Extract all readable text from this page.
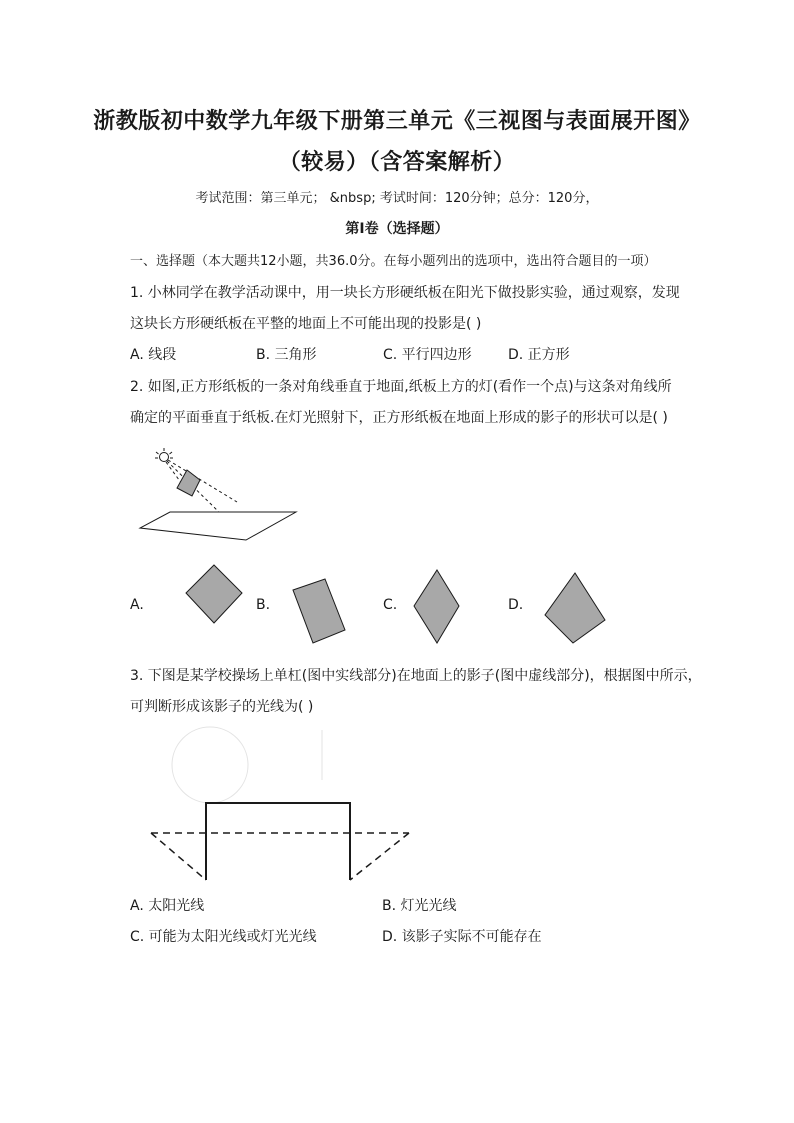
浙教版初中数学九年级下册第三单元《三视图与表面展开图》
（较易）（含答案解析）
考试范围：第三单元； &nbsp; 考试时间：120分钟；总分：120分，
第I卷（选择题）
一、选择题（本大题共12小题，共36.0分。在每小题列出的选项中，选出符合题目的一项）
1. 小林同学在教学活动课中，用一块长方形硬纸板在阳光下做投影实验，通过观察，发现
这块长方形硬纸板在平整的地面上不可能出现的投影是( )
A. 线段	B. 三角形	C. 平行四边形	D. 正方形
2. 如图,正方形纸板的一条对角线垂直于地面,纸板上方的灯(看作一个点)与这条对角线所
确定的平面垂直于纸板.在灯光照射下，正方形纸板在地面上形成的影子的形状可以是( )
A.	B.	C.	D.
3. 下图是某学校操场上单杠(图中实线部分)在地面上的影子(图中虚线部分)，根据图中所示，
可判断形成该影子的光线为( )
A. 太阳光线	B. 灯光光线
C. 可能为太阳光线或灯光光线	D. 该影子实际不可能存在
